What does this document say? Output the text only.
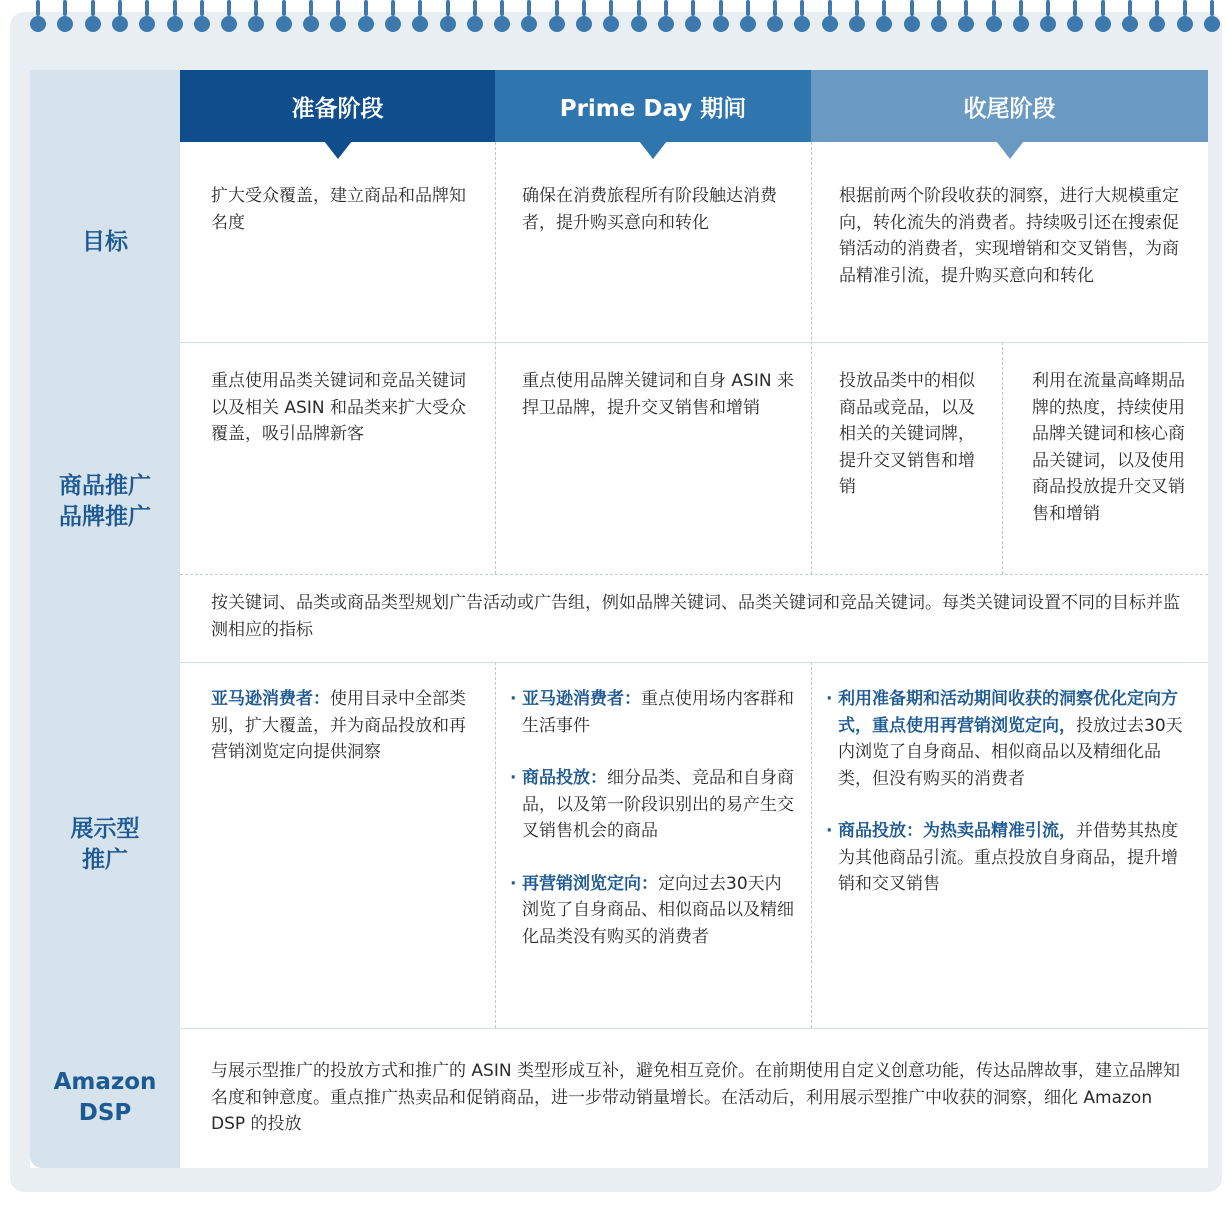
准备阶段	Prime Day 期间	收尾阶段
目标
商品推广
品牌推广
展示型
推广
Amazon
DSP
扩大受众覆盖，建立商品和品牌知名度
确保在消费旅程所有阶段触达消费者，提升购买意向和转化
根据前两个阶段收获的洞察，进行大规模重定向，转化流失的消费者。持续吸引还在搜索促销活动的消费者，实现增销和交叉销售，为商品精准引流，提升购买意向和转化
重点使用品类关键词和竞品关键词以及相关 ASIN 和品类来扩大受众覆盖，吸引品牌新客
重点使用品牌关键词和自身 ASIN 来捍卫品牌，提升交叉销售和增销
投放品类中的相似商品或竞品，以及相关的关键词牌，提升交叉销售和增销
利用在流量高峰期品牌的热度，持续使用品牌关键词和核心商品关键词，以及使用商品投放提升交叉销售和增销
按关键词、品类或商品类型规划广告活动或广告组，例如品牌关键词、品类关键词和竞品关键词。每类关键词设置不同的目标并监测相应的指标
亚马逊消费者：使用目录中全部类别，扩大覆盖，并为商品投放和再营销浏览定向提供洞察
· 亚马逊消费者：重点使用场内客群和生活事件
· 商品投放：细分品类、竞品和自身商品，以及第一阶段识别出的易产生交叉销售机会的商品
· 再营销浏览定向：定向过去30天内浏览了自身商品、相似商品以及精细化品类没有购买的消费者
· 利用准备期和活动期间收获的洞察优化定向方式，重点使用再营销浏览定向，投放过去30天内浏览了自身商品、相似商品以及精细化品类，但没有购买的消费者
· 商品投放：为热卖品精准引流，并借势其热度为其他商品引流。重点投放自身商品，提升增销和交叉销售
与展示型推广的投放方式和推广的 ASIN 类型形成互补，避免相互竞价。在前期使用自定义创意功能，传达品牌故事，建立品牌知名度和钟意度。重点推广热卖品和促销商品，进一步带动销量增长。在活动后，利用展示型推广中收获的洞察，细化 Amazon DSP 的投放
